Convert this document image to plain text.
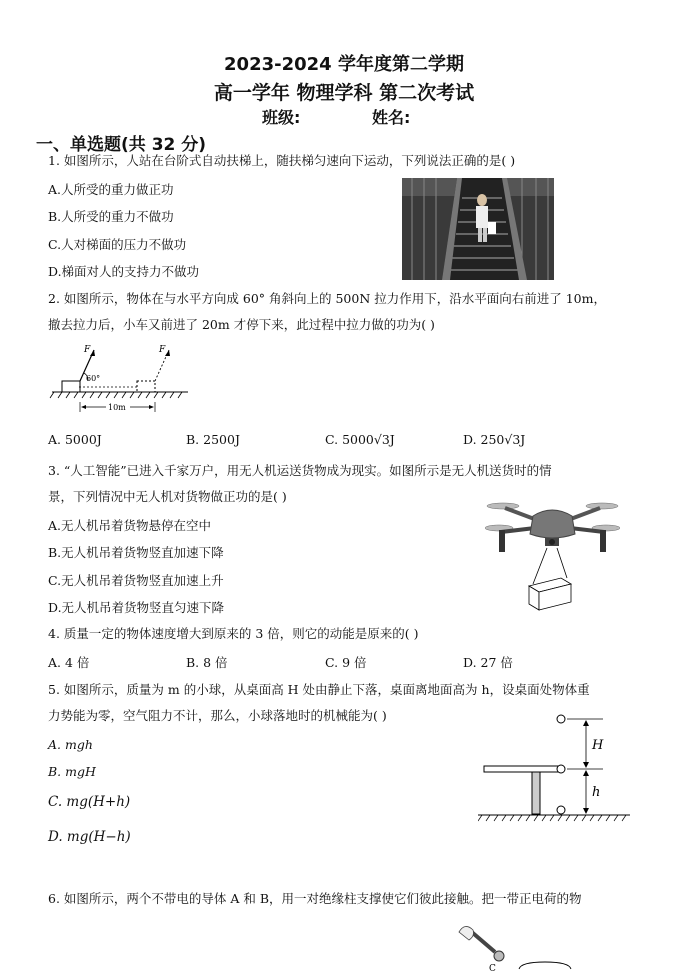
2023-2024 学年度第二学期
高一学年 物理学科 第二次考试
班级:	姓名:
一、单选题(共 32 分)
1. 如图所示，人站在台阶式自动扶梯上，随扶梯匀速向下运动，下列说法正确的是( )
A.人所受的重力做正功
B.人所受的重力不做功
C.人对梯面的压力不做功
D.梯面对人的支持力不做功
2. 如图所示，物体在与水平方向成 60° 角斜向上的 500N 拉力作用下，沿水平面向右前进了 10m，
撤去拉力后，小车又前进了 20m 才停下来，此过程中拉力做的功为( )
F	F
60°
10m
A. 5000J	B. 2500J	C. 5000√3J	D. 250√3J
3. “人工智能”已进入千家万户，用无人机运送货物成为现实。如图所示是无人机送货时的情
景，下列情况中无人机对货物做正功的是( )
A.无人机吊着货物悬停在空中
B.无人机吊着货物竖直加速下降
C.无人机吊着货物竖直加速上升
D.无人机吊着货物竖直匀速下降
4. 质量一定的物体速度增大到原来的 3 倍，则它的动能是原来的( )
A. 4 倍	B. 8 倍	C. 9 倍	D. 27 倍
5. 如图所示，质量为 m 的小球，从桌面高 H 处由静止下落，桌面离地面高为 h，设桌面处物体重
力势能为零，空气阻力不计，那么，小球落地时的机械能为( )
A. mgh
B. mgH
C. mg(H+h)
D. mg(H−h)
H
h
6. 如图所示，两个不带电的导体 A 和 B，用一对绝缘柱支撑使它们彼此接触。把一带正电荷的物
C
